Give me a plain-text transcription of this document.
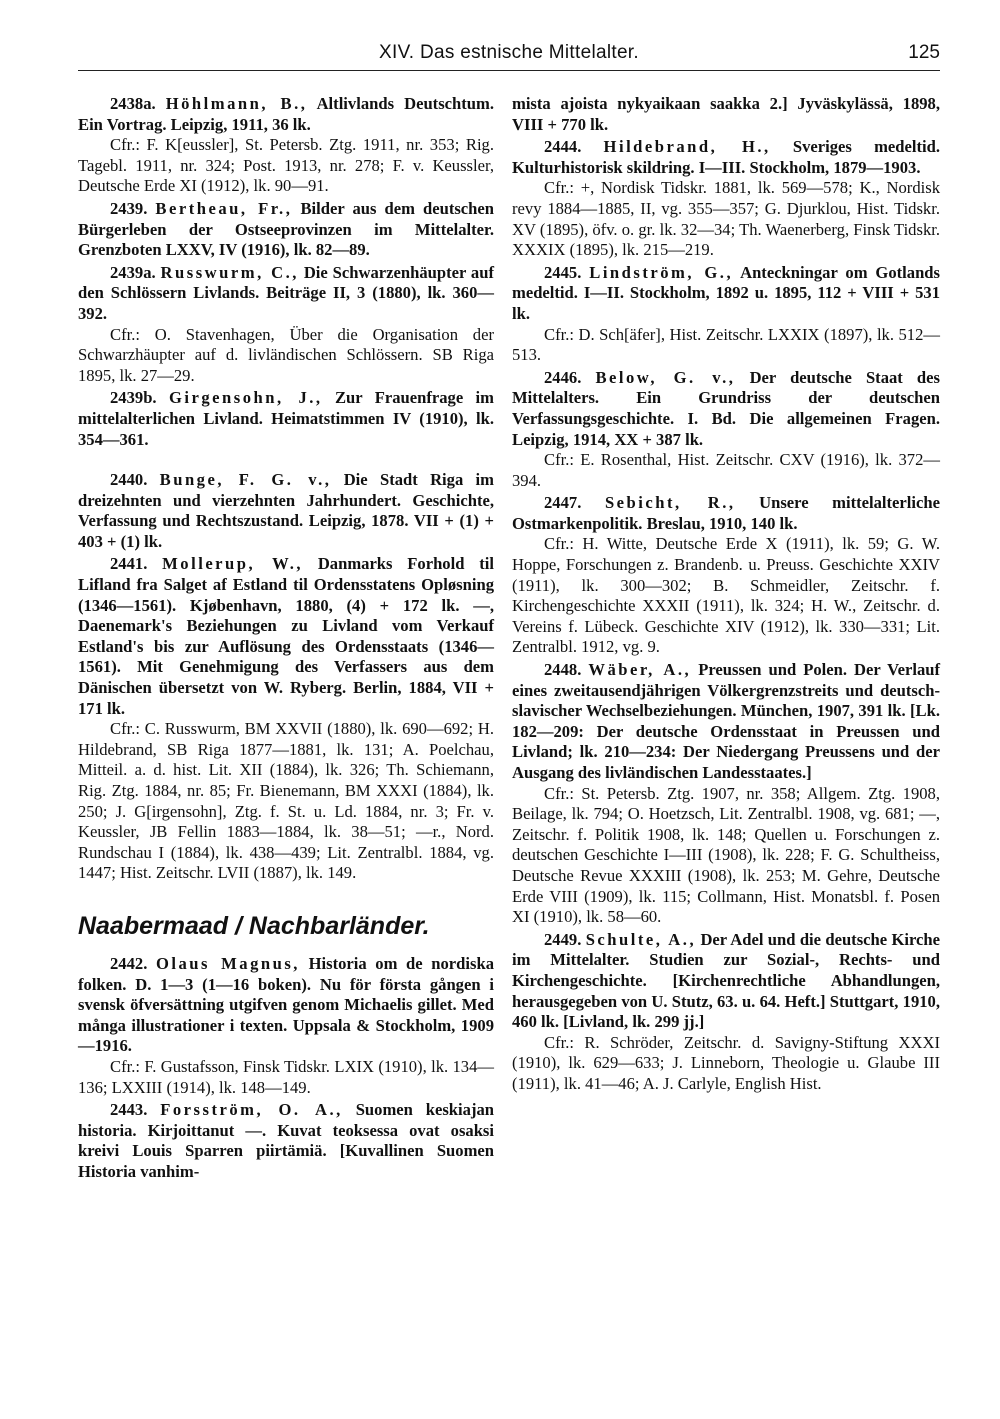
XIV. Das estnische Mittelalter.	125
2438a. Höhlmann, B., Altlivlands Deutschtum. Ein Vortrag. Leipzig, 1911, 36 lk.
Cfr.: F. K[eussler], St. Petersb. Ztg. 1911, nr. 353; Rig. Tagebl. 1911, nr. 324; Post. 1913, nr. 278; F. v. Keussler, Deutsche Erde XI (1912), lk. 90—91.
2439. Bertheau, Fr., Bilder aus dem deutschen Bürgerleben der Ostseeprovinzen im Mittelalter. Grenzboten LXXV, IV (1916), lk. 82—89.
2439a. Russwurm, C., Die Schwarzenhäupter auf den Schlössern Livlands. Beiträge II, 3 (1880), lk. 360—392.
Cfr.: O. Stavenhagen, Über die Organisation der Schwarzhäupter auf d. livländischen Schlössern. SB Riga 1895, lk. 27—29.
2439b. Girgensohn, J., Zur Frauenfrage im mittelalterlichen Livland. Heimatstimmen IV (1910), lk. 354—361.
2440. Bunge, F. G. v., Die Stadt Riga im dreizehnten und vierzehnten Jahrhundert. Geschichte, Verfassung und Rechtszustand. Leipzig, 1878. VII + (1) + 403 + (1) lk.
2441. Mollerup, W., Danmarks Forhold til Lifland fra Salget af Estland til Ordensstatens Opløsning (1346—1561). Kjøbenhavn, 1880, (4) + 172 lk. —, Daenemark's Beziehungen zu Livland vom Verkauf Estland's bis zur Auflösung des Ordensstaats (1346—1561). Mit Genehmigung des Verfassers aus dem Dänischen übersetzt von W. Ryberg. Berlin, 1884, VII + 171 lk.
Cfr.: C. Russwurm, BM XXVII (1880), lk. 690—692; H. Hildebrand, SB Riga 1877—1881, lk. 131; A. Poelchau, Mitteil. a. d. hist. Lit. XII (1884), lk. 326; Th. Schiemann, Rig. Ztg. 1884, nr. 85; Fr. Bienemann, BM XXXI (1884), lk. 250; J. G[irgensohn], Ztg. f. St. u. Ld. 1884, nr. 3; Fr. v. Keussler, JB Fellin 1883—1884, lk. 38—51; —r., Nord. Rundschau I (1884), lk. 438—439; Lit. Zentralbl. 1884, vg. 1447; Hist. Zeitschr. LVII (1887), lk. 149.
Naabermaad / Nachbarländer.
2442. Olaus Magnus, Historia om de nordiska folken. D. 1—3 (1—16 boken). Nu för första gången i svensk öfversättning utgifven genom Michaelis gillet. Med många illustrationer i texten. Uppsala & Stockholm, 1909—1916.
Cfr.: F. Gustafsson, Finsk Tidskr. LXIX (1910), lk. 134—136; LXXIII (1914), lk. 148—149.
2443. Forsström, O. A., Suomen keskiajan historia. Kirjoittanut —. Kuvat teoksessa ovat osaksi kreivi Louis Sparren piirtämiä. [Kuvallinen Suomen Historia vanhim-
mista ajoista nykyaikaan saakka 2.] Jyväskylässä, 1898, VIII + 770 lk.
2444. Hildebrand, H., Sveriges medeltid. Kulturhistorisk skildring. I—III. Stockholm, 1879—1903.
Cfr.: +, Nordisk Tidskr. 1881, lk. 569—578; K., Nordisk revy 1884—1885, II, vg. 355—357; G. Djurklou, Hist. Tidskr. XV (1895), öfv. o. gr. lk. 32—34; Th. Waenerberg, Finsk Tidskr. XXXIX (1895), lk. 215—219.
2445. Lindström, G., Anteckningar om Gotlands medeltid. I—II. Stockholm, 1892 u. 1895, 112 + VIII + 531 lk.
Cfr.: D. Sch[äfer], Hist. Zeitschr. LXXIX (1897), lk. 512—513.
2446. Below, G. v., Der deutsche Staat des Mittelalters. Ein Grundriss der deutschen Verfassungsgeschichte. I. Bd. Die allgemeinen Fragen. Leipzig, 1914, XX + 387 lk.
Cfr.: E. Rosenthal, Hist. Zeitschr. CXV (1916), lk. 372—394.
2447. Sebicht, R., Unsere mittelalterliche Ostmarkenpolitik. Breslau, 1910, 140 lk.
Cfr.: H. Witte, Deutsche Erde X (1911), lk. 59; G. W. Hoppe, Forschungen z. Brandenb. u. Preuss. Geschichte XXIV (1911), lk. 300—302; B. Schmeidler, Zeitschr. f. Kirchengeschichte XXXII (1911), lk. 324; H. W., Zeitschr. d. Vereins f. Lübeck. Geschichte XIV (1912), lk. 330—331; Lit. Zentralbl. 1912, vg. 9.
2448. Wäber, A., Preussen und Polen. Der Verlauf eines zweitausendjährigen Völkergrenzstreits und deutsch-slavischer Wechselbeziehungen. München, 1907, 391 lk. [Lk. 182—209: Der deutsche Ordensstaat in Preussen und Livland; lk. 210—234: Der Niedergang Preussens und der Ausgang des livländischen Landesstaates.]
Cfr.: St. Petersb. Ztg. 1907, nr. 358; Allgem. Ztg. 1908, Beilage, lk. 794; O. Hoetzsch, Lit. Zentralbl. 1908, vg. 681; —, Zeitschr. f. Politik 1908, lk. 148; Quellen u. Forschungen z. deutschen Geschichte I—III (1908), lk. 228; F. G. Schultheiss, Deutsche Revue XXXIII (1908), lk. 253; M. Gehre, Deutsche Erde VIII (1909), lk. 115; Collmann, Hist. Monatsbl. f. Posen XI (1910), lk. 58—60.
2449. Schulte, A., Der Adel und die deutsche Kirche im Mittelalter. Studien zur Sozial-, Rechts- und Kirchengeschichte. [Kirchenrechtliche Abhandlungen, herausgegeben von U. Stutz, 63. u. 64. Heft.] Stuttgart, 1910, 460 lk. [Livland, lk. 299 jj.]
Cfr.: R. Schröder, Zeitschr. d. Savigny-Stiftung XXXI (1910), lk. 629—633; J. Linneborn, Theologie u. Glaube III (1911), lk. 41—46; A. J. Carlyle, English Hist.
